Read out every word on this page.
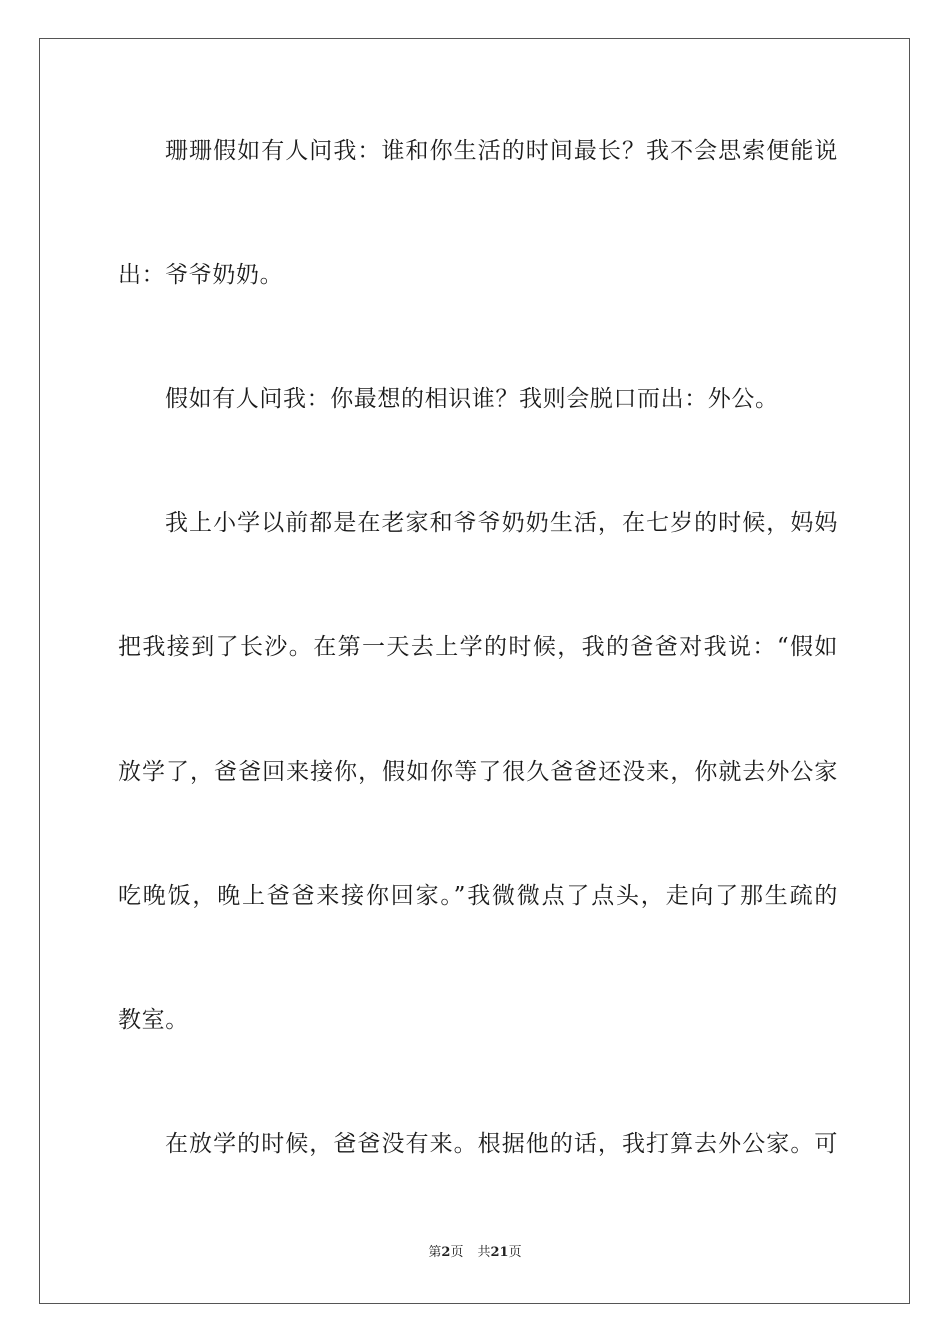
珊珊假如有人问我：谁和你生活的时间最长？我不会思索便能说
出：爷爷奶奶。
假如有人问我：你最想的相识谁？我则会脱口而出：外公。
我上小学以前都是在老家和爷爷奶奶生活，在七岁的时候，妈妈
把我接到了长沙。在第一天去上学的时候，我的爸爸对我说：“假如
放学了，爸爸回来接你，假如你等了很久爸爸还没来，你就去外公家
吃晚饭，晚上爸爸来接你回家。”我微微点了点头，走向了那生疏的
教室。
在放学的时候，爸爸没有来。根据他的话，我打算去外公家。可
第2页 共21页
